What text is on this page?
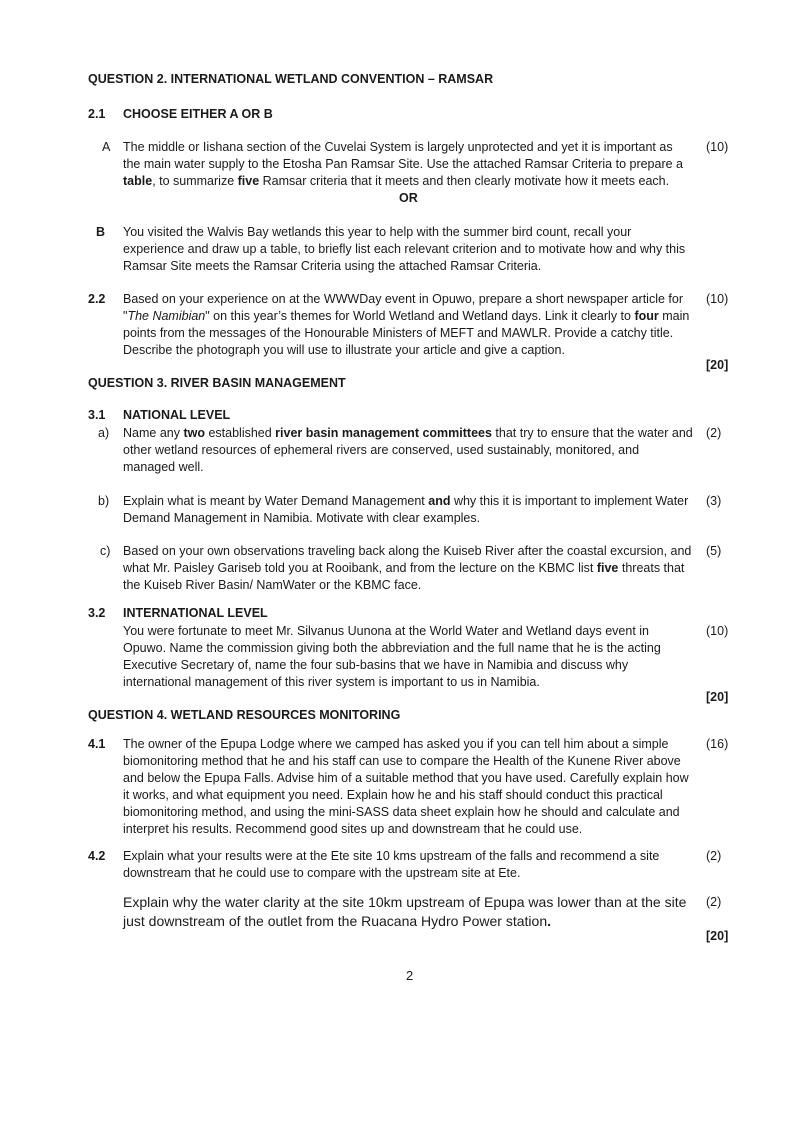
QUESTION 2. INTERNATIONAL WETLAND CONVENTION – RAMSAR
2.1 CHOOSE EITHER A OR B
A The middle or Iishana section of the Cuvelai System is largely unprotected and yet it is important as the main water supply to the Etosha Pan Ramsar Site. Use the attached Ramsar Criteria to prepare a table, to summarize five Ramsar criteria that it meets and then clearly motivate how it meets each.
(10)
OR
B You visited the Walvis Bay wetlands this year to help with the summer bird count, recall your experience and draw up a table, to briefly list each relevant criterion and to motivate how and why this Ramsar Site meets the Ramsar Criteria using the attached Ramsar Criteria.
2.2 Based on your experience on at the WWWDay event in Opuwo, prepare a short newspaper article for "The Namibian" on this year’s themes for World Wetland and Wetland days. Link it clearly to four main points from the messages of the Honourable Ministers of MEFT and MAWLR. Provide a catchy title. Describe the photograph you will use to illustrate your article and give a caption.
(10)
[20]
QUESTION 3. RIVER BASIN MANAGEMENT
3.1 NATIONAL LEVEL
a) Name any two established river basin management committees that try to ensure that the water and other wetland resources of ephemeral rivers are conserved, used sustainably, monitored, and managed well.
(2)
b) Explain what is meant by Water Demand Management and why this it is important to implement Water Demand Management in Namibia. Motivate with clear examples.
(3)
c) Based on your own observations traveling back along the Kuiseb River after the coastal excursion, and what Mr. Paisley Gariseb told you at Rooibank, and from the lecture on the KBMC list five threats that the Kuiseb River Basin/ NamWater or the KBMC face.
(5)
3.2 INTERNATIONAL LEVEL
You were fortunate to meet Mr. Silvanus Uunona at the World Water and Wetland days event in Opuwo. Name the commission giving both the abbreviation and the full name that he is the acting Executive Secretary of, name the four sub-basins that we have in Namibia and discuss why international management of this river system is important to us in Namibia.
(10)
[20]
QUESTION 4. WETLAND RESOURCES MONITORING
4.1 The owner of the Epupa Lodge where we camped has asked you if you can tell him about a simple biomonitoring method that he and his staff can use to compare the Health of the Kunene River above and below the Epupa Falls. Advise him of a suitable method that you have used. Carefully explain how it works, and what equipment you need. Explain how he and his staff should conduct this practical biomonitoring method, and using the mini-SASS data sheet explain how he should and calculate and interpret his results. Recommend good sites up and downstream that he could use.
(16)
4.2 Explain what your results were at the Ete site 10 kms upstream of the falls and recommend a site downstream that he could use to compare with the upstream site at Ete.
(2)
Explain why the water clarity at the site 10km upstream of Epupa was lower than at the site just downstream of the outlet from the Ruacana Hydro Power station.
(2)
[20]
2
